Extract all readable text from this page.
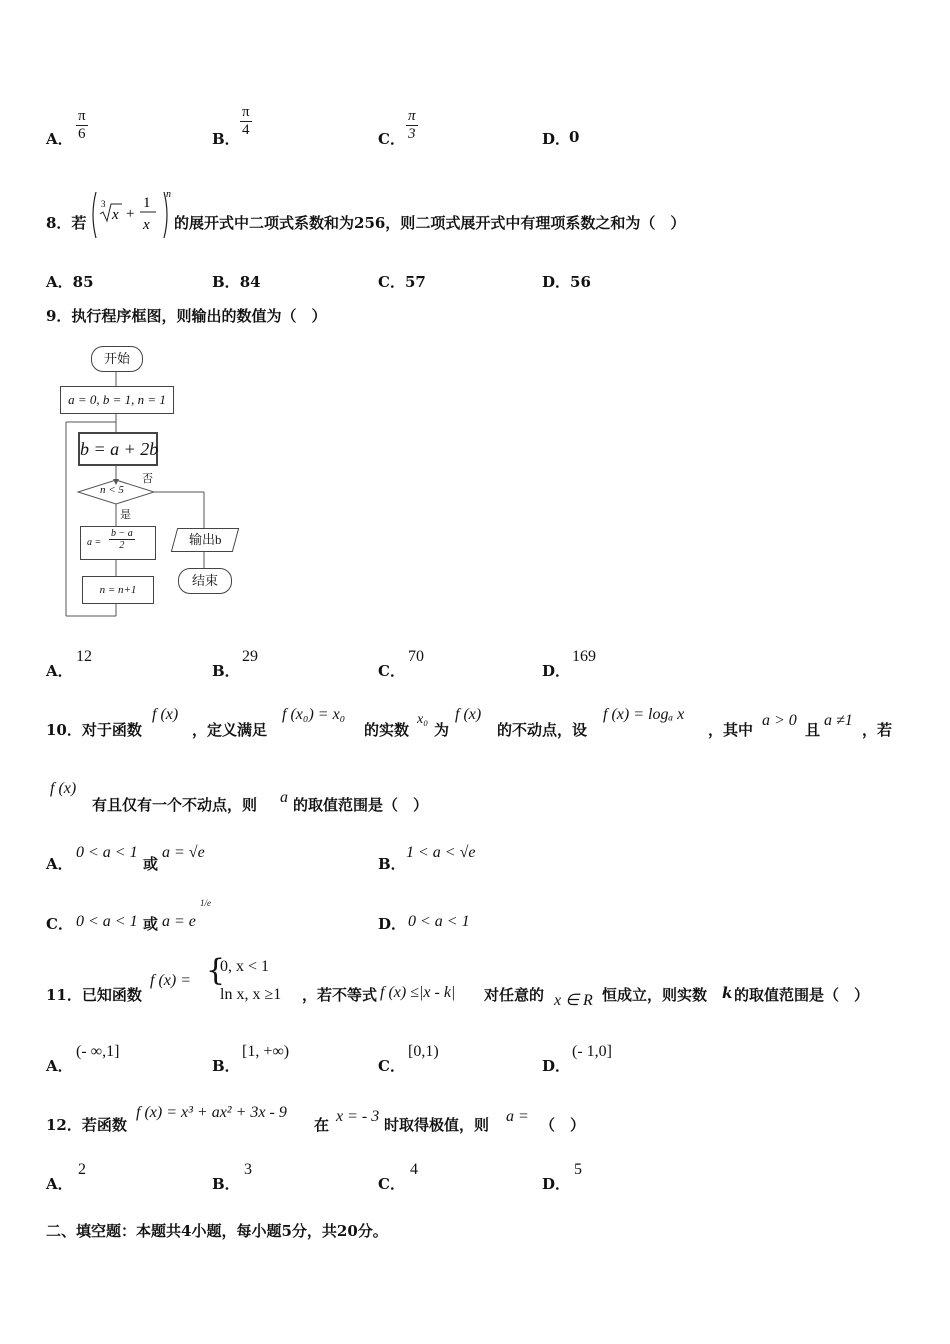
A． $\frac{\pi}{6}$	B． $\frac{\pi}{4}$	C． $\frac{\pi}{3}$	D．
0
8．若
3
x +
1
x
n
的展开式中二项式系数和为256，则二项式展开式中有理项系数之和为（　）
A．85	B．84	C．57	D．56
9．执行程序框图，则输出的数值为（　）
开始
a = 0, b = 1, n = 1
b = a + 2b
n < 5
否
是
$a = \frac{b - a}{2}$
n = n+1
输出b
结束
A．
12
B．
29
C．
70
D．
169
10．对于函数
f (x)
，定义满足
f (x₀) = x₀
的实数
x₀
为
f (x)
的不动点，设
f (x) = logₐ x
，其中
a > 0
且
a ≠1
，若
f (x)
有且仅有一个不动点，则 a 的取值范围是（　）
A．
0 < a < 1
或
a = √e
B．
1 < a < √e
C． 0 < a < 1 或 a = e
1/e
D． 0 < a < 1
11．已知函数
f (x) = {
0, x < 1
ln x, x ≥1 ，若不等式 f (x) ≤|x - k| 对任意的 x ∈ R 恒成立，则实数 k 的取值范围是（　）
A．
(- ∞,1]
B．
[1, +∞)
C．
[0,1)
D．
(- 1,0]
12．若函数
f (x) = x³ + ax² + 3x - 9
在 x = - 3 时取得极值，则 a = （　）
A．
2
B．
3
C．
4
D．
5
二、填空题：本题共4小题，每小题5分，共20分。
